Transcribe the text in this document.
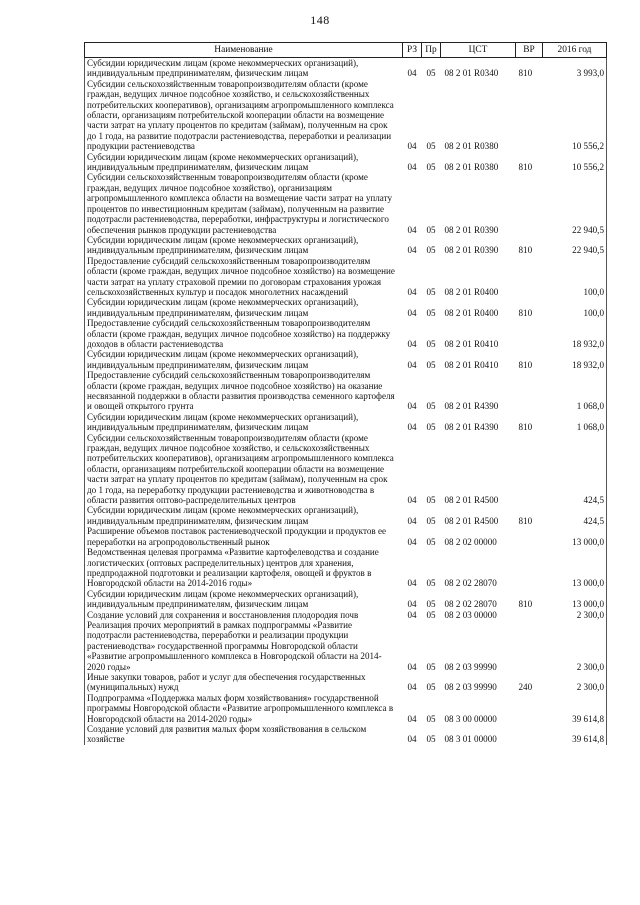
148
Наименование	РЗ	Пр	ЦСТ	ВР	2016 год
Субсидии юридическим лицам (кроме некоммерческих организаций), индивидуальным предпринимателям, физическим лицам	04	05	08 2 01 R0340	810	3 993,0
Субсидии сельскохозяйственным товаропроизводителям области (кроме граждан, ведущих личное подсобное хозяйство, и сельскохозяйственных потребительских кооперативов), организациям агропромышленного комплекса области, организациям потребительской кооперации области на возмещение части затрат на уплату процентов по кредитам (займам), полученным на срок до 1 года, на развитие подотрасли растениеводства, переработки и реализации продукции растениеводства	04	05	08 2 01 R0380		10 556,2
Субсидии юридическим лицам (кроме некоммерческих организаций), индивидуальным предпринимателям, физическим лицам	04	05	08 2 01 R0380	810	10 556,2
Субсидии сельскохозяйственным товаропроизводителям области (кроме граждан, ведущих личное подсобное хозяйство), организациям агропромышленного комплекса области на возмещение части затрат на уплату процентов по инвестиционным кредитам (займам), полученным на развитие подотрасли растениеводства, переработки, инфраструктуры и логистического обеспечения рынков продукции растениеводства	04	05	08 2 01 R0390		22 940,5
Субсидии юридическим лицам (кроме некоммерческих организаций), индивидуальным предпринимателям, физическим лицам	04	05	08 2 01 R0390	810	22 940,5
Предоставление субсидий сельскохозяйственным товаропроизводителям области (кроме граждан, ведущих личное подсобное хозяйство) на возмещение части затрат на уплату страховой премии по договорам страхования урожая сельскохозяйственных культур и посадок многолетних насаждений	04	05	08 2 01 R0400		100,0
Субсидии юридическим лицам (кроме некоммерческих организаций), индивидуальным предпринимателям, физическим лицам	04	05	08 2 01 R0400	810	100,0
Предоставление субсидий сельскохозяйственным товаропроизводителям области (кроме граждан, ведущих личное подсобное хозяйство) на поддержку доходов в области растениеводства	04	05	08 2 01 R0410		18 932,0
Субсидии юридическим лицам (кроме некоммерческих организаций), индивидуальным предпринимателям, физическим лицам	04	05	08 2 01 R0410	810	18 932,0
Предоставление субсидий сельскохозяйственным товаропроизводителям области (кроме граждан, ведущих личное подсобное хозяйство) на оказание несвязанной поддержки в области развития производства семенного картофеля и овощей открытого грунта	04	05	08 2 01 R4390		1 068,0
Субсидии юридическим лицам (кроме некоммерческих организаций), индивидуальным предпринимателям, физическим лицам	04	05	08 2 01 R4390	810	1 068,0
Субсидии сельскохозяйственным товаропроизводителям области (кроме граждан, ведущих личное подсобное хозяйство, и сельскохозяйственных потребительских кооперативов), организациям агропромышленного комплекса области, организациям потребительской кооперации области на возмещение части затрат на уплату процентов по кредитам (займам), полученным на срок до 1 года, на переработку продукции растениеводства и животноводства в области развития оптово-распределительных центров	04	05	08 2 01 R4500		424,5
Субсидии юридическим лицам (кроме некоммерческих организаций), индивидуальным предпринимателям, физическим лицам	04	05	08 2 01 R4500	810	424,5
Расширение объемов поставок растениеводческой продукции и продуктов ее переработки на агропродовольственный рынок	04	05	08 2 02 00000		13 000,0
Ведомственная целевая программа «Развитие картофелеводства и создание логистических (оптовых распределительных) центров для хранения, предпродажной подготовки и реализации картофеля, овощей и фруктов в Новгородской области на 2014-2016 годы»	04	05	08 2 02 28070		13 000,0
Субсидии юридическим лицам (кроме некоммерческих организаций), индивидуальным предпринимателям, физическим лицам	04	05	08 2 02 28070	810	13 000,0
Создание условий для сохранения и восстановления плодородия почв	04	05	08 2 03 00000		2 300,0
Реализация прочих мероприятий в рамках подпрограммы «Развитие подотрасли растениеводства, переработки и реализации продукции растениеводства» государственной программы Новгородской области «Развитие агропромышленного комплекса в Новгородской области на 2014-2020 годы»	04	05	08 2 03 99990		2 300,0
Иные закупки товаров, работ и услуг для обеспечения государственных (муниципальных) нужд	04	05	08 2 03 99990	240	2 300,0
Подпрограмма «Поддержка малых форм хозяйствования» государственной программы Новгородской области «Развитие агропромышленного комплекса в Новгородской области на 2014-2020 годы»	04	05	08 3 00 00000		39 614,8
Создание условий для развития малых форм хозяйствования в сельском хозяйстве	04	05	08 3 01 00000		39 614,8
